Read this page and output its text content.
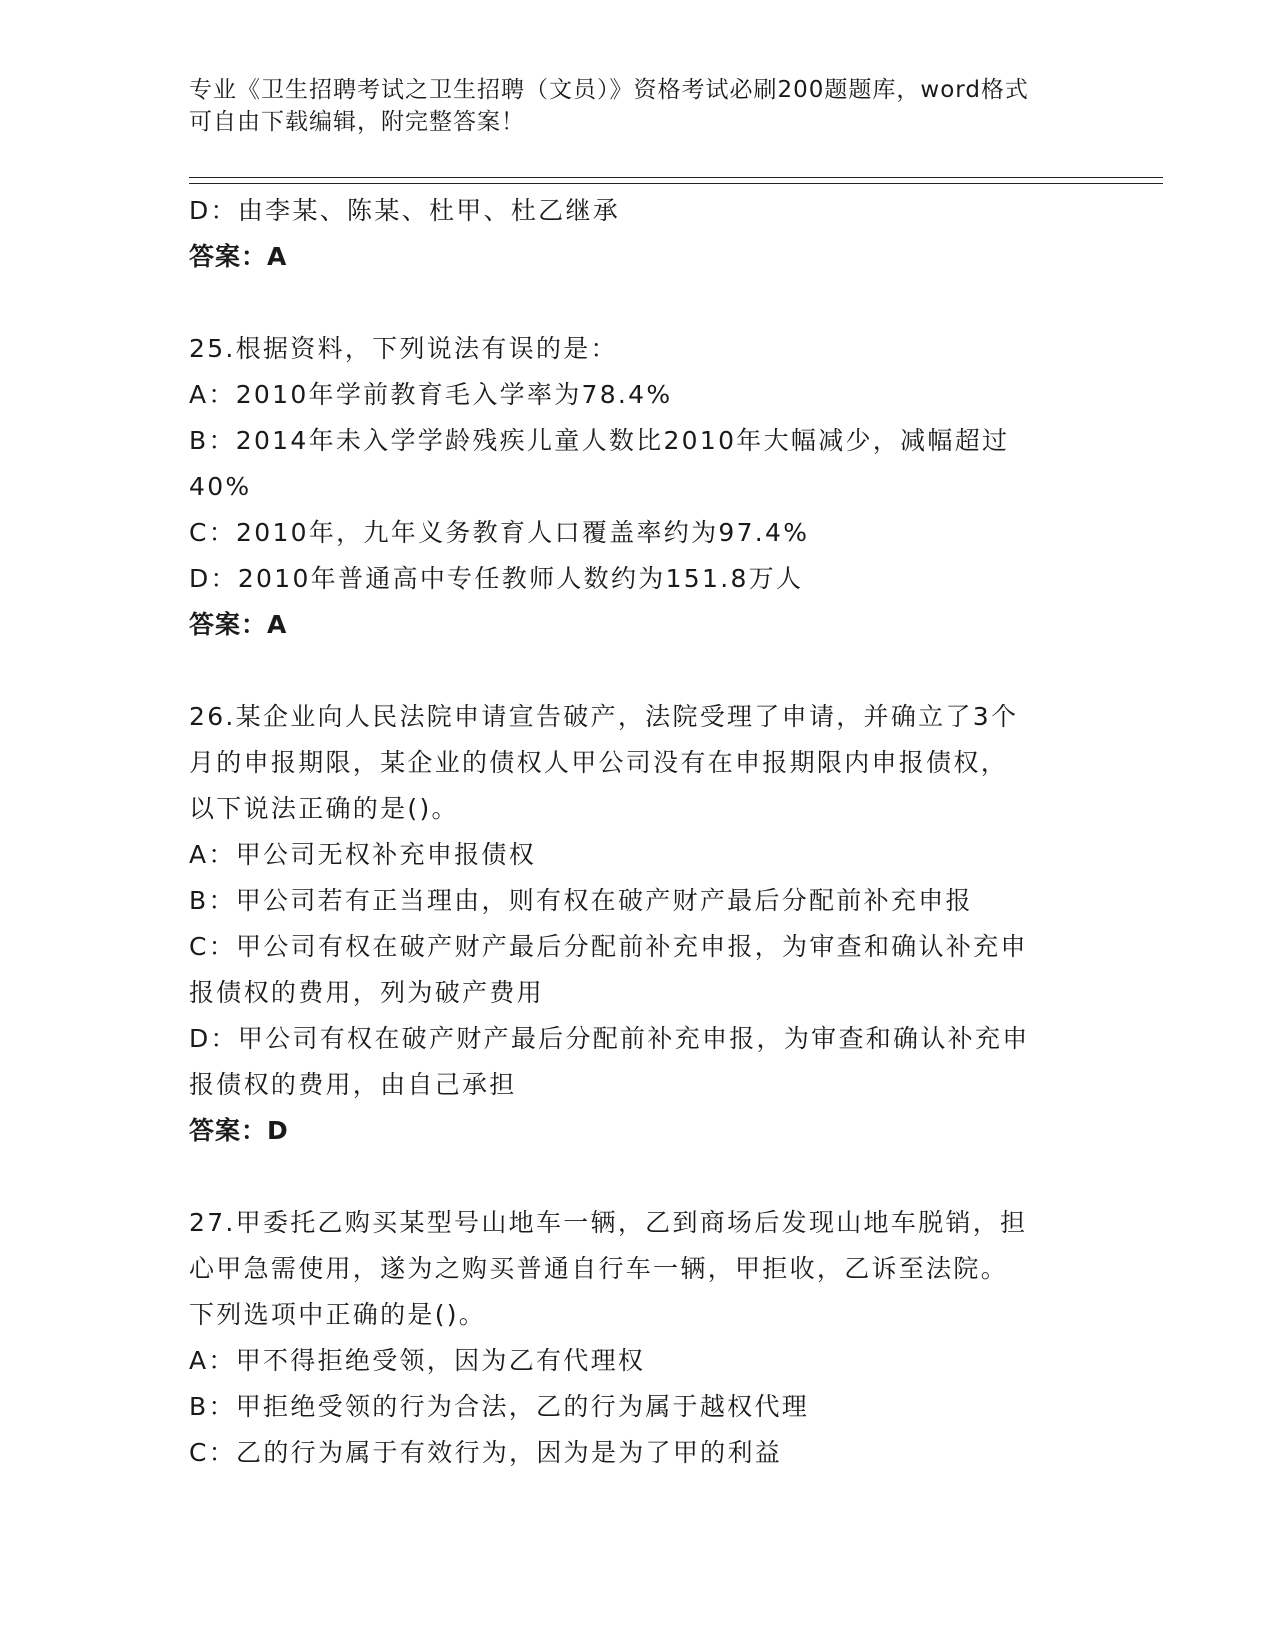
专业《卫生招聘考试之卫生招聘（文员）》资格考试必刷200题题库，word格式
可自由下载编辑，附完整答案！
D：由李某、陈某、杜甲、杜乙继承
答案：A
25.根据资料，下列说法有误的是：
A：2010年学前教育毛入学率为78.4%
B：2014年未入学学龄残疾儿童人数比2010年大幅减少，减幅超过
40%
C：2010年，九年义务教育人口覆盖率约为97.4%
D：2010年普通高中专任教师人数约为151.8万人
答案：A
26.某企业向人民法院申请宣告破产，法院受理了申请，并确立了3个
月的申报期限，某企业的债权人甲公司没有在申报期限内申报债权，
以下说法正确的是()。
A：甲公司无权补充申报债权
B：甲公司若有正当理由，则有权在破产财产最后分配前补充申报
C：甲公司有权在破产财产最后分配前补充申报，为审查和确认补充申
报债权的费用，列为破产费用
D：甲公司有权在破产财产最后分配前补充申报，为审查和确认补充申
报债权的费用，由自己承担
答案：D
27.甲委托乙购买某型号山地车一辆，乙到商场后发现山地车脱销，担
心甲急需使用，遂为之购买普通自行车一辆，甲拒收，乙诉至法院。
下列选项中正确的是()。
A：甲不得拒绝受领，因为乙有代理权
B：甲拒绝受领的行为合法，乙的行为属于越权代理
C：乙的行为属于有效行为，因为是为了甲的利益
